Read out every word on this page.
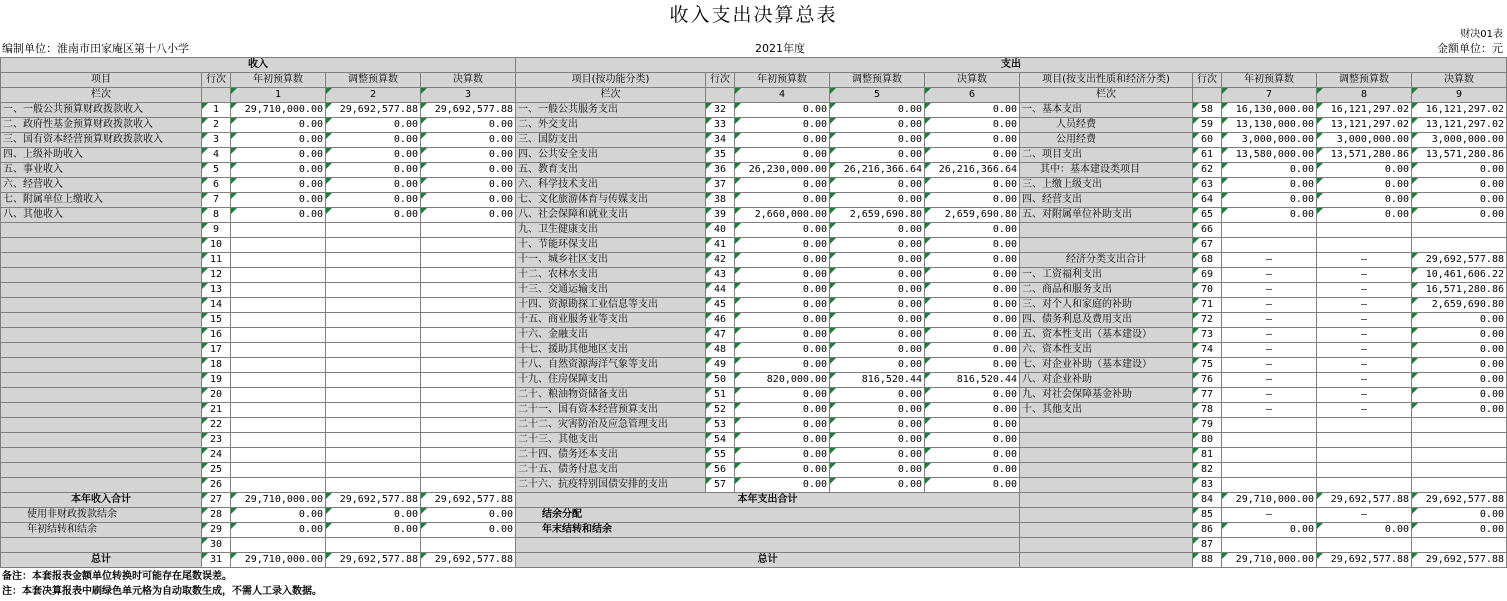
收入支出决算总表
财决01表
编制单位：淮南市田家庵区第十八小学	2021年度	金额单位：元
收入					支出									
项目	行次	年初预算数	调整预算数	决算数	项目(按功能分类)	行次	年初预算数	调整预算数	决算数	项目(按支出性质和经济分类)	行次	年初预算数	调整预算数	决算数
栏次		1	2	3	栏次		4	5	6	栏次		7	8	9
一、一般公共预算财政拨款收入	1	29,710,000.00	29,692,577.88	29,692,577.88	一、一般公共服务支出	32	0.00	0.00	0.00	一、基本支出	58	16,130,000.00	16,121,297.02	16,121,297.02
二、政府性基金预算财政拨款收入	2	0.00	0.00	0.00	二、外交支出	33	0.00	0.00	0.00	人员经费	59	13,130,000.00	13,121,297.02	13,121,297.02
三、国有资本经营预算财政拨款收入	3	0.00	0.00	0.00	三、国防支出	34	0.00	0.00	0.00	公用经费	60	3,000,000.00	3,000,000.00	3,000,000.00
四、上级补助收入	4	0.00	0.00	0.00	四、公共安全支出	35	0.00	0.00	0.00	二、项目支出	61	13,580,000.00	13,571,280.86	13,571,280.86
五、事业收入	5	0.00	0.00	0.00	五、教育支出	36	26,230,000.00	26,216,366.64	26,216,366.64	其中：基本建设类项目	62	0.00	0.00	0.00
六、经营收入	6	0.00	0.00	0.00	六、科学技术支出	37	0.00	0.00	0.00	三、上缴上级支出	63	0.00	0.00	0.00
七、附属单位上缴收入	7	0.00	0.00	0.00	七、文化旅游体育与传媒支出	38	0.00	0.00	0.00	四、经营支出	64	0.00	0.00	0.00
八、其他收入	8	0.00	0.00	0.00	八、社会保障和就业支出	39	2,660,000.00	2,659,690.80	2,659,690.80	五、对附属单位补助支出	65	0.00	0.00	0.00
	9				九、卫生健康支出	40	0.00	0.00	0.00		66			
	10				十、节能环保支出	41	0.00	0.00	0.00		67			
	11				十一、城乡社区支出	42	0.00	0.00	0.00	经济分类支出合计	68	—	—	29,692,577.88
	12				十二、农林水支出	43	0.00	0.00	0.00	一、工资福利支出	69	—	—	10,461,606.22
	13				十三、交通运输支出	44	0.00	0.00	0.00	二、商品和服务支出	70	—	—	16,571,280.86
	14				十四、资源勘探工业信息等支出	45	0.00	0.00	0.00	三、对个人和家庭的补助	71	—	—	2,659,690.80
	15				十五、商业服务业等支出	46	0.00	0.00	0.00	四、债务利息及费用支出	72	—	—	0.00
	16				十六、金融支出	47	0.00	0.00	0.00	五、资本性支出（基本建设）	73	—	—	0.00
	17				十七、援助其他地区支出	48	0.00	0.00	0.00	六、资本性支出	74	—	—	0.00
	18				十八、自然资源海洋气象等支出	49	0.00	0.00	0.00	七、对企业补助（基本建设）	75	—	—	0.00
	19				十九、住房保障支出	50	820,000.00	816,520.44	816,520.44	八、对企业补助	76	—	—	0.00
	20				二十、粮油物资储备支出	51	0.00	0.00	0.00	九、对社会保障基金补助	77	—	—	0.00
	21				二十一、国有资本经营预算支出	52	0.00	0.00	0.00	十、其他支出	78	—	—	0.00
	22				二十二、灾害防治及应急管理支出	53	0.00	0.00	0.00		79			
	23				二十三、其他支出	54	0.00	0.00	0.00		80			
	24				二十四、债务还本支出	55	0.00	0.00	0.00		81			
	25				二十五、债务付息支出	56	0.00	0.00	0.00		82			
	26				二十六、抗疫特别国债安排的支出	57	0.00	0.00	0.00		83			
本年收入合计	27	29,710,000.00	29,692,577.88	29,692,577.88	本年支出合计						84	29,710,000.00	29,692,577.88	29,692,577.88
使用非财政拨款结余	28	0.00	0.00	0.00	结余分配						85	—	—	0.00
年初结转和结余	29	0.00	0.00	0.00	年末结转和结余						86	0.00	0.00	0.00
	30										87			
总计	31	29,710,000.00	29,692,577.88	29,692,577.88	总计						88	29,710,000.00	29,692,577.88	29,692,577.88
备注：本套报表金额单位转换时可能存在尾数误差。
注：本套决算报表中刷绿色单元格为自动取数生成，不需人工录入数据。
